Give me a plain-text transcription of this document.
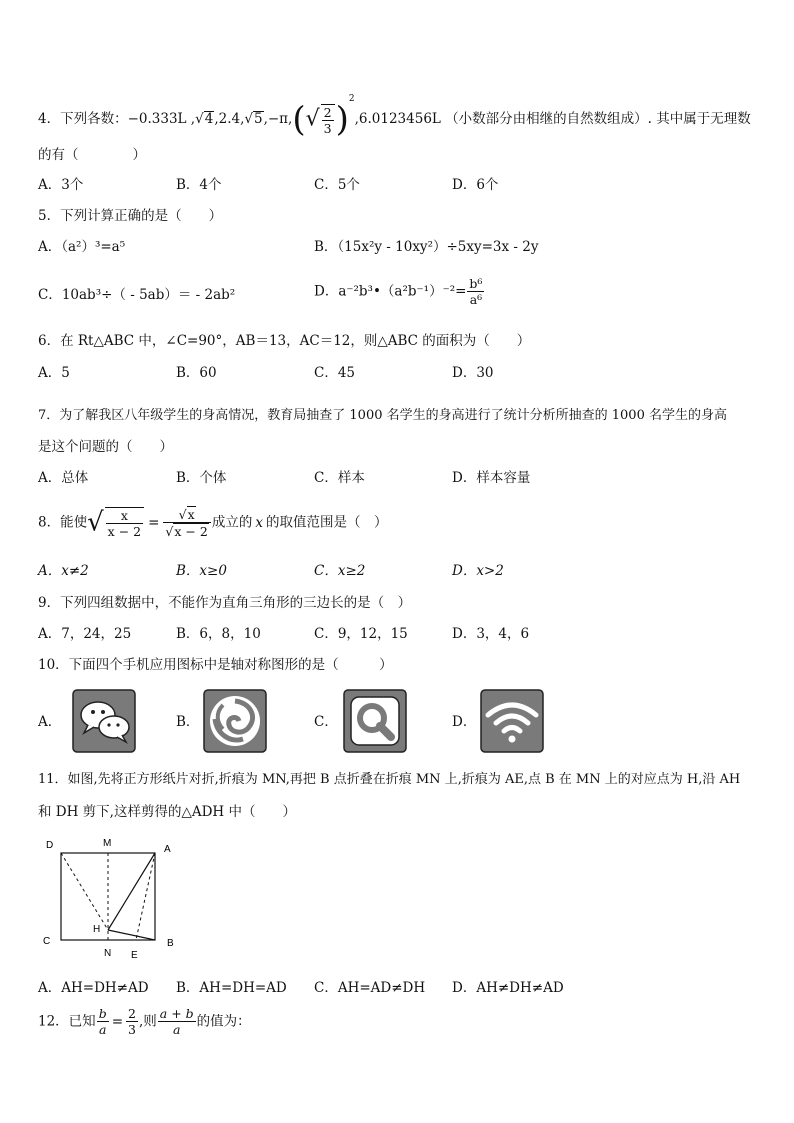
4．下列各数：−0.333L $,√4,2.4,√5,-\pi,(√ \frac{2}{3} )^2,6.0123456L$ （小数部分由相继的自然数组成）. 其中属于无理数
的有（　　　　）
A．3个	B．4个	C．5个	D．6个
5．下列计算正确的是（　　）
A．（a²）³=a⁵	B．（15x²y - 10xy²）÷5xy=3x - 2y
C．10ab³÷（ - 5ab）＝ - 2ab²	D．a⁻²b³•（a²b⁻¹）⁻²= $\frac{\text{b⁶}}{\text{a⁶}}$
6．在 Rt△ABC 中，∠C=90°，AB＝13，AC＝12，则△ABC 的面积为（　　）
A．5	B．60	C．45	D．30
7．为了解我区八年级学生的身高情况，教育局抽查了 1000 名学生的身高进行了统计分析所抽查的 1000 名学生的身高
是这个问题的（　　）
A．总体	B．个体	C．样本	D．样本容量
8．能使√ $\frac{x}{x - 2} = \frac{√x}{√x - 2}$ 成立的 x 的取值范围是（　）
A．x≠2	B．x≥0	C．x≥2	D．x>2
9．下列四组数据中，不能作为直角三角形的三边长的是（　）
A．7，24，25	B．6，8，10	C．9，12，15	D．3，4，6
10．下面四个手机应用图标中是轴对称图形的是（　　　）
A．	B．	C．	D．
11．如图,先将正方形纸片对折,折痕为 MN,再把 B 点折叠在折痕 MN 上,折痕为 AE,点 B 在 MN 上的对应点为 H,沿 AH
和 DH 剪下,这样剪得的△ADH 中（　　）
D	M
A
H
C
N E
B
A．AH=DH≠AD B．AH=DH=AD C．AH=AD≠DH D．AH≠DH≠AD
12．已知 $\frac{b}{a} = \frac{2}{3}$ ,则 $\frac{a + b}{a}$ 的值为：
